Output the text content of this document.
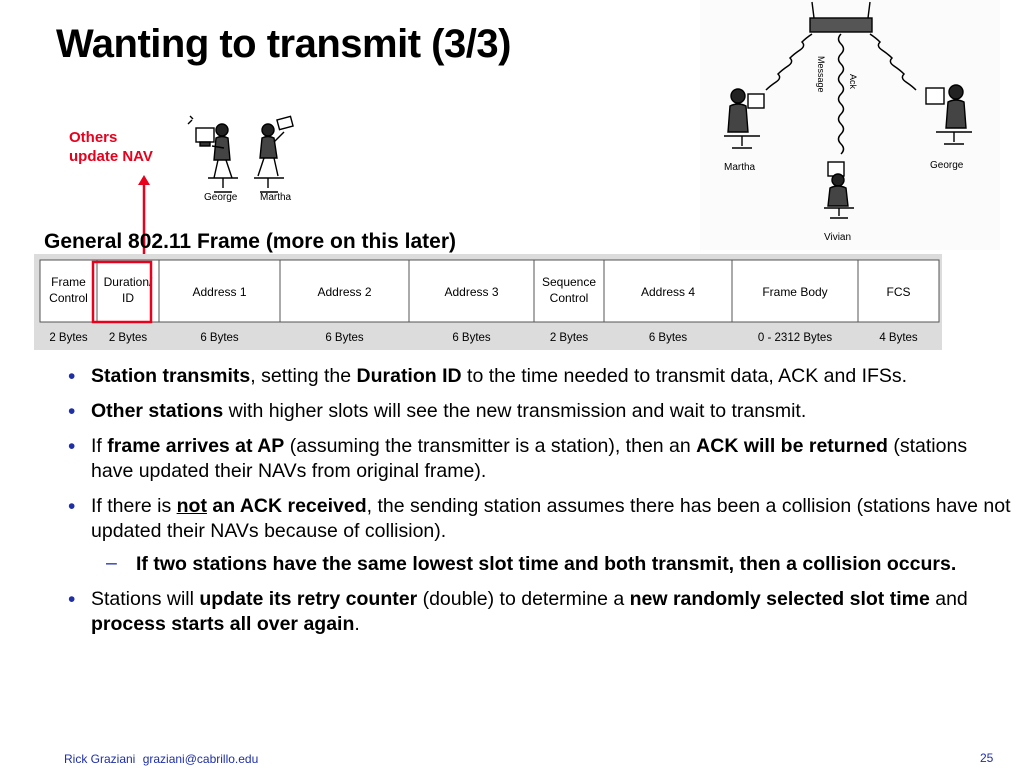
Wanting to transmit (3/3)
Others
update NAV
George Martha
Message Ack
Martha	George
Vivian
General 802.11 Frame (more on this later)
Frame
Control
2 Bytes
Duration/
ID
2 Bytes
Address 1
6 Bytes
Address 2
6 Bytes
Address 3
6 Bytes
Sequence
Control
2 Bytes
Address 4
6 Bytes
Frame Body
0 - 2312 Bytes
FCS
4 Bytes
• Station transmits, setting the Duration ID to the time needed to transmit data, ACK and IFSs.
• Other stations with higher slots will see the new transmission and wait to transmit.
• If frame arrives at AP (assuming the transmitter is a station), then an ACK will be returned (stations have updated their NAVs from original frame).
• If there is not an ACK received, the sending station assumes there has been a collision (stations have not updated their NAVs because of collision).
– If two stations have the same lowest slot time and both transmit, then a collision occurs.
• Stations will update its retry counter (double) to determine a new randomly selected slot time and process starts all over again.
Rick Graziani graziani@cabrillo.edu	25
